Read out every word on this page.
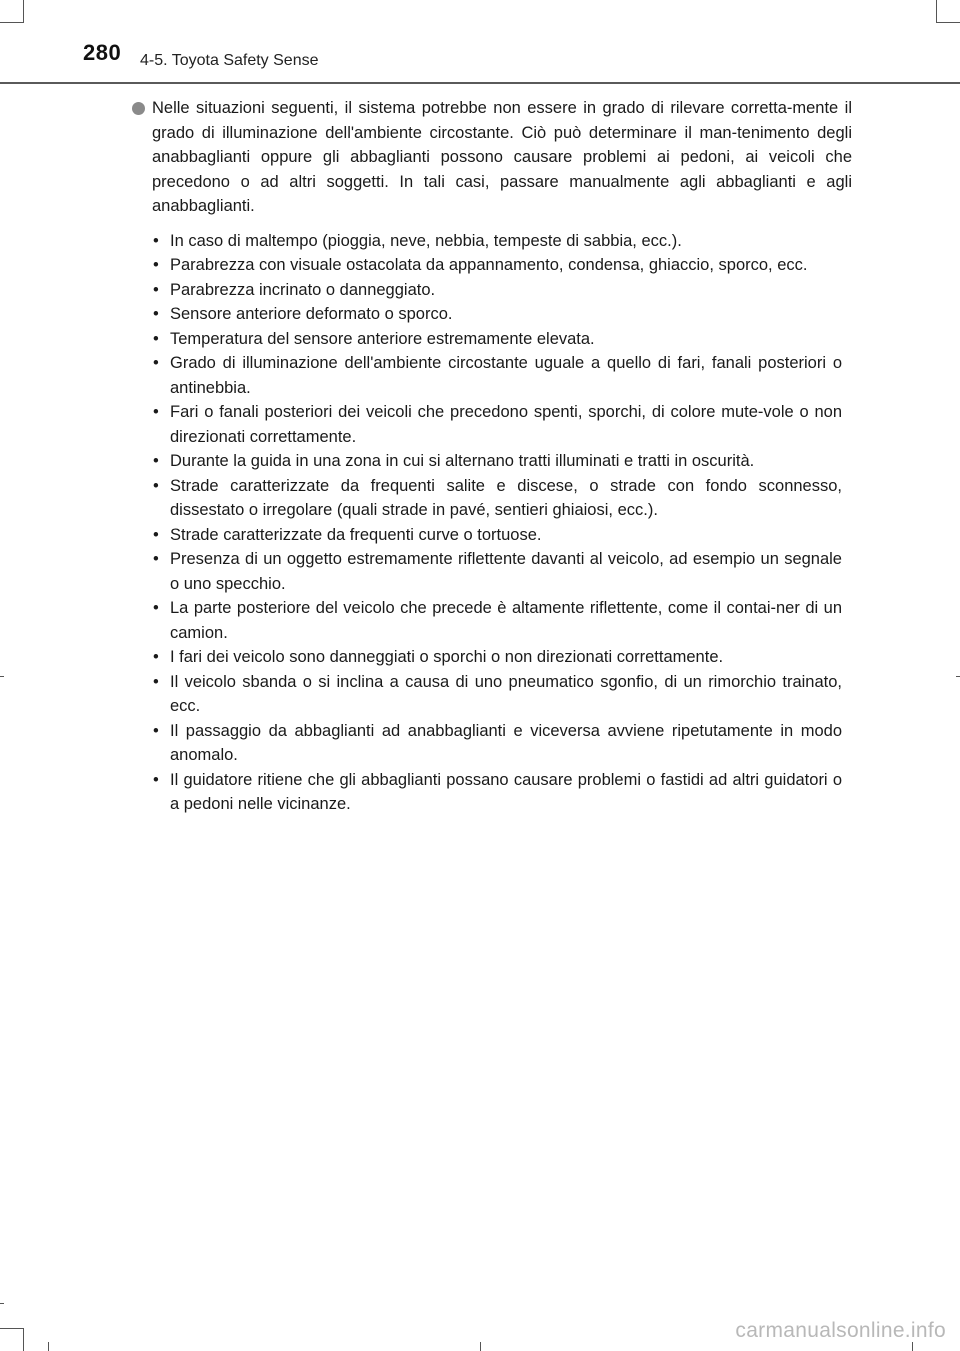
280 4-5. Toyota Safety Sense

Nelle situazioni seguenti, il sistema potrebbe non essere in grado di rilevare corretta-mente il grado di illuminazione dell'ambiente circostante. Ciò può determinare il man-tenimento degli anabbaglianti oppure gli abbaglianti possono causare problemi ai pedoni, ai veicoli che precedono o ad altri soggetti. In tali casi, passare manualmente agli abbaglianti e agli anabbaglianti.

• In caso di maltempo (pioggia, neve, nebbia, tempeste di sabbia, ecc.).
• Parabrezza con visuale ostacolata da appannamento, condensa, ghiaccio, sporco, ecc.
• Parabrezza incrinato o danneggiato.
• Sensore anteriore deformato o sporco.
• Temperatura del sensore anteriore estremamente elevata.
• Grado di illuminazione dell'ambiente circostante uguale a quello di fari, fanali posteriori o antinebbia.
• Fari o fanali posteriori dei veicoli che precedono spenti, sporchi, di colore mute-vole o non direzionati correttamente.
• Durante la guida in una zona in cui si alternano tratti illuminati e tratti in oscurità.
• Strade caratterizzate da frequenti salite e discese, o strade con fondo sconnesso, dissestato o irregolare (quali strade in pavé, sentieri ghiaiosi, ecc.).
• Strade caratterizzate da frequenti curve o tortuose.
• Presenza di un oggetto estremamente riflettente davanti al veicolo, ad esempio un segnale o uno specchio.
• La parte posteriore del veicolo che precede è altamente riflettente, come il contai-ner di un camion.
• I fari dei veicolo sono danneggiati o sporchi o non direzionati correttamente.
• Il veicolo sbanda o si inclina a causa di uno pneumatico sgonfio, di un rimorchio trainato, ecc.
• Il passaggio da abbaglianti ad anabbaglianti e viceversa avviene ripetutamente in modo anomalo.
• Il guidatore ritiene che gli abbaglianti possano causare problemi o fastidi ad altri guidatori o a pedoni nelle vicinanze.
carmanualsonline.info
